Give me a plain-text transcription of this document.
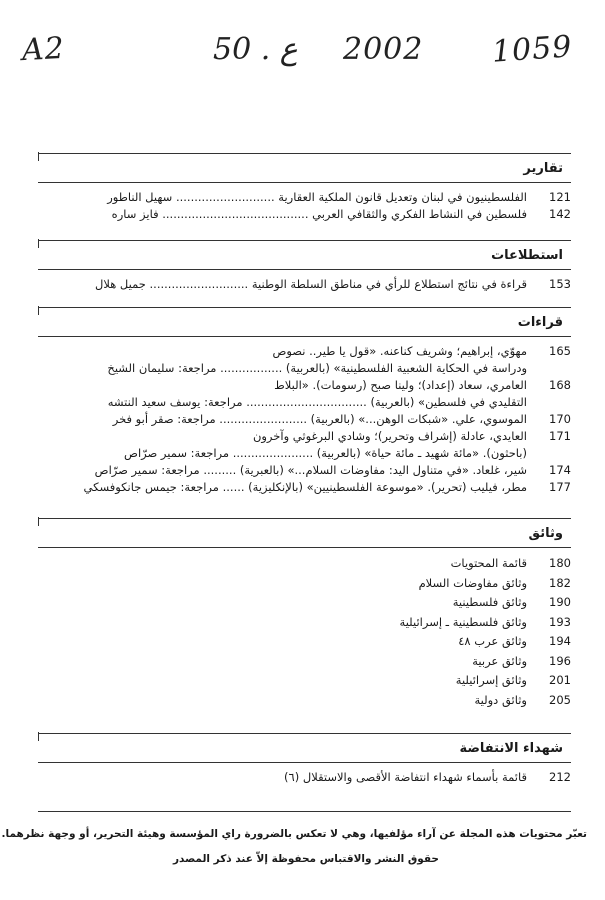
A2	50 . ع 2002 1059
تقارير
121
الفلسطينيون في لبنان وتعديل قانون الملكية العقارية ........................... سهيل الناطور
142
فلسطين في النشاط الفكري والثقافي العربي ........................................ فايز ساره
استطلاعات
153
قراءة في نتائج استطلاع للرأي في مناطق السلطة الوطنية ........................... جميل هلال
قراءات
165
مهوّي، إبراهيم؛ وشريف كناعنه. «قول يا طير.. نصوص
ودراسة في الحكاية الشعبية الفلسطينية» (بالعربية) ................. مراجعة: سليمان الشيخ
168
العامري، سعاد (إعداد)؛ ولينا صبح (رسومات). «البلاط
التقليدي في فلسطين» (بالعربية) ................................. مراجعة: يوسف سعيد النتشه
170
الموسوي، علي. «شبكات الوهن...» (بالعربية) ........................ مراجعة: صقر أبو فخر
171
العايدي، عادلة (إشراف وتحرير)؛ وشادي البرغوثي وآخرون
(باحثون). «مائة شهيد ـ مائة حياة» (بالعربية) ...................... مراجعة: سمير صرّاص
174
شير، غلعاد. «في متناول اليد: مفاوضات السلام...» (بالعبرية) ......... مراجعة: سمير صرّاص
177
مطر، فيليب (تحرير). «موسوعة الفلسطينيين» (بالإنكليزية) ...... مراجعة: جيمس جانكوفسكي
وثائق
180
قائمة المحتويات
182
وثائق مفاوضات السلام
190
وثائق فلسطينية
193
وثائق فلسطينية ـ إسرائيلية
194
وثائق عرب ٤٨
196
وثائق عربية
201
وثائق إسرائيلية
205
وثائق دولية
شهداء الانتفاضة
212
قائمة بأسماء شهداء انتفاضة الأقصى والاستقلال (٦)
تعبّر محتويات هذه المجلة عن آراء مؤلفيها، وهي لا تعكس بالضرورة راي المؤسسة وهيئة التحرير، أو وجهة نظرهما.
حقوق النشر والاقتباس محفوظة إلاّ عند ذكر المصدر
